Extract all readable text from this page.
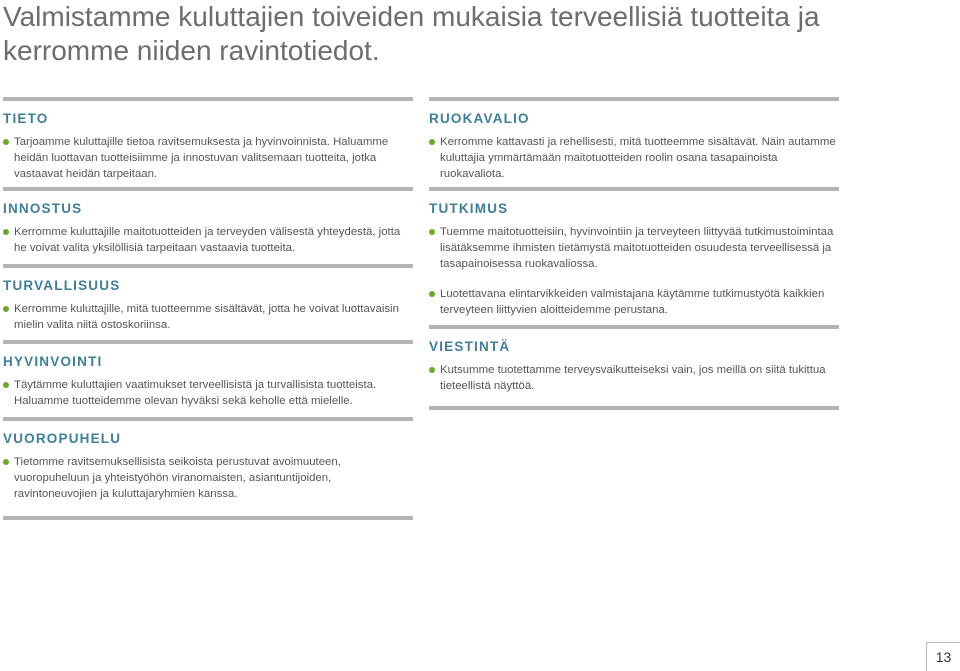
Valmistamme kuluttajien toiveiden mukaisia terveellisiä tuotteita ja kerromme niiden ravintotiedot.
TIETO
Tarjoamme kuluttajille tietoa ravitsemuksesta ja hyvinvoinnista. Haluamme heidän luottavan tuotteisiimme ja innostuvan valitsemaan tuotteita, jotka vastaavat heidän tarpeitaan.
INNOSTUS
Kerromme kuluttajille maitotuotteiden ja terveyden välisestä yhteydestä, jotta he voivat valita yksilöllisiä tarpeitaan vastaavia tuotteita.
TURVALLISUUS
Kerromme kuluttajille, mitä tuotteemme sisältävät, jotta he voivat luottavaisin mielin valita niitä ostoskoriinsa.
HYVINVOINTI
Täytämme kuluttajien vaatimukset terveellisistä ja turvallisista tuotteista. Haluamme tuotteidemme olevan hyväksi sekä keholle että mielelle.
VUOROPUHELU
Tietomme ravitsemuksellisista seikoista perustuvat avoimuuteen, vuoropuheluun ja yhteistyöhön viranomaisten, asiantuntijoiden, ravintoneuvojien ja kuluttajaryhmien kanssa.
RUOKAVALIO
Kerromme kattavasti ja rehellisesti, mitä tuotteemme sisältävät. Näin autamme kuluttajia ymmärtämään maitotuotteiden roolin osana tasapainoista ruokavaliota.
TUTKIMUS
Tuemme maitotuotteisiin, hyvinvointiin ja terveyteen liittyvää tutkimustoimintaa lisätäksemme ihmisten tietämystä maitotuotteiden osuudesta terveellisessä ja tasapainoisessa ruokavaliossa.
Luotettavana elintarvikkeiden valmistajana käytämme tutkimustyötä kaikkien terveyteen liittyvien aloitteidemme perustana.
VIESTINTÄ
Kutsumme tuotettamme terveysvaikutteiseksi vain, jos meillä on siitä tukittua tieteellistä näyttöä.
13
